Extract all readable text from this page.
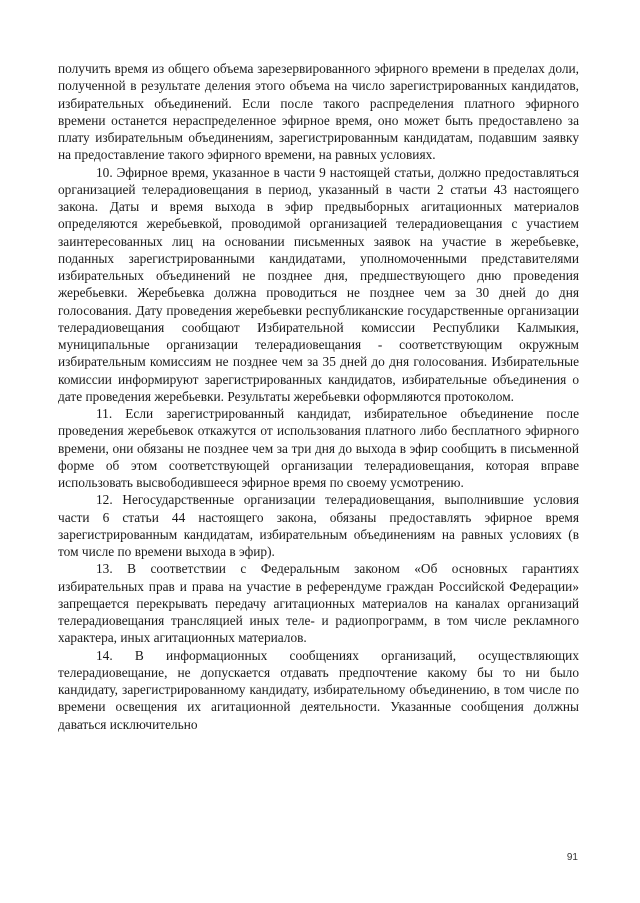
получить время из общего объема зарезервированного эфирного времени в пределах доли, полученной в результате деления этого объема на число зарегистрированных кандидатов, избирательных объединений. Если после такого распределения платного эфирного времени останется нераспределенное эфирное время, оно может быть предоставлено за плату избирательным объединениям, зарегистрированным кандидатам, подавшим заявку на предоставление такого эфирного времени, на равных условиях.

10. Эфирное время, указанное в части 9 настоящей статьи, должно предоставляться организацией телерадиовещания в период, указанный в части 2 статьи 43 настоящего закона. Даты и время выхода в эфир предвыборных агитационных материалов определяются жеребьевкой, проводимой организацией телерадиовещания с участием заинтересованных лиц на основании письменных заявок на участие в жеребьевке, поданных зарегистрированными кандидатами, уполномоченными представителями избирательных объединений не позднее дня, предшествующего дню проведения жеребьевки. Жеребьевка должна проводиться не позднее чем за 30 дней до дня голосования. Дату проведения жеребьевки республиканские государственные организации телерадиовещания сообщают Избирательной комиссии Республики Калмыкия, муниципальные организации телерадиовещания - соответствующим окружным избирательным комиссиям не позднее чем за 35 дней до дня голосования. Избирательные комиссии информируют зарегистрированных кандидатов, избирательные объединения о дате проведения жеребьевки. Результаты жеребьевки оформляются протоколом.

11. Если зарегистрированный кандидат, избирательное объединение после проведения жеребьевок откажутся от использования платного либо бесплатного эфирного времени, они обязаны не позднее чем за три дня до выхода в эфир сообщить в письменной форме об этом соответствующей организации телерадиовещания, которая вправе использовать высвободившееся эфирное время по своему усмотрению.

12. Негосударственные организации телерадиовещания, выполнившие условия части 6 статьи 44 настоящего закона, обязаны предоставлять эфирное время зарегистрированным кандидатам, избирательным объединениям на равных условиях (в том числе по времени выхода в эфир).

13. В соответствии с Федеральным законом «Об основных гарантиях избирательных прав и права на участие в референдуме граждан Российской Федерации» запрещается перекрывать передачу агитационных материалов на каналах организаций телерадиовещания трансляцией иных теле- и радиопрограмм, в том числе рекламного характера, иных агитационных материалов.

14. В информационных сообщениях организаций, осуществляющих телерадиовещание, не допускается отдавать предпочтение какому бы то ни было кандидату, зарегистрированному кандидату, избирательному объединению, в том числе по времени освещения их агитационной деятельности. Указанные сообщения должны даваться исключительно

91
